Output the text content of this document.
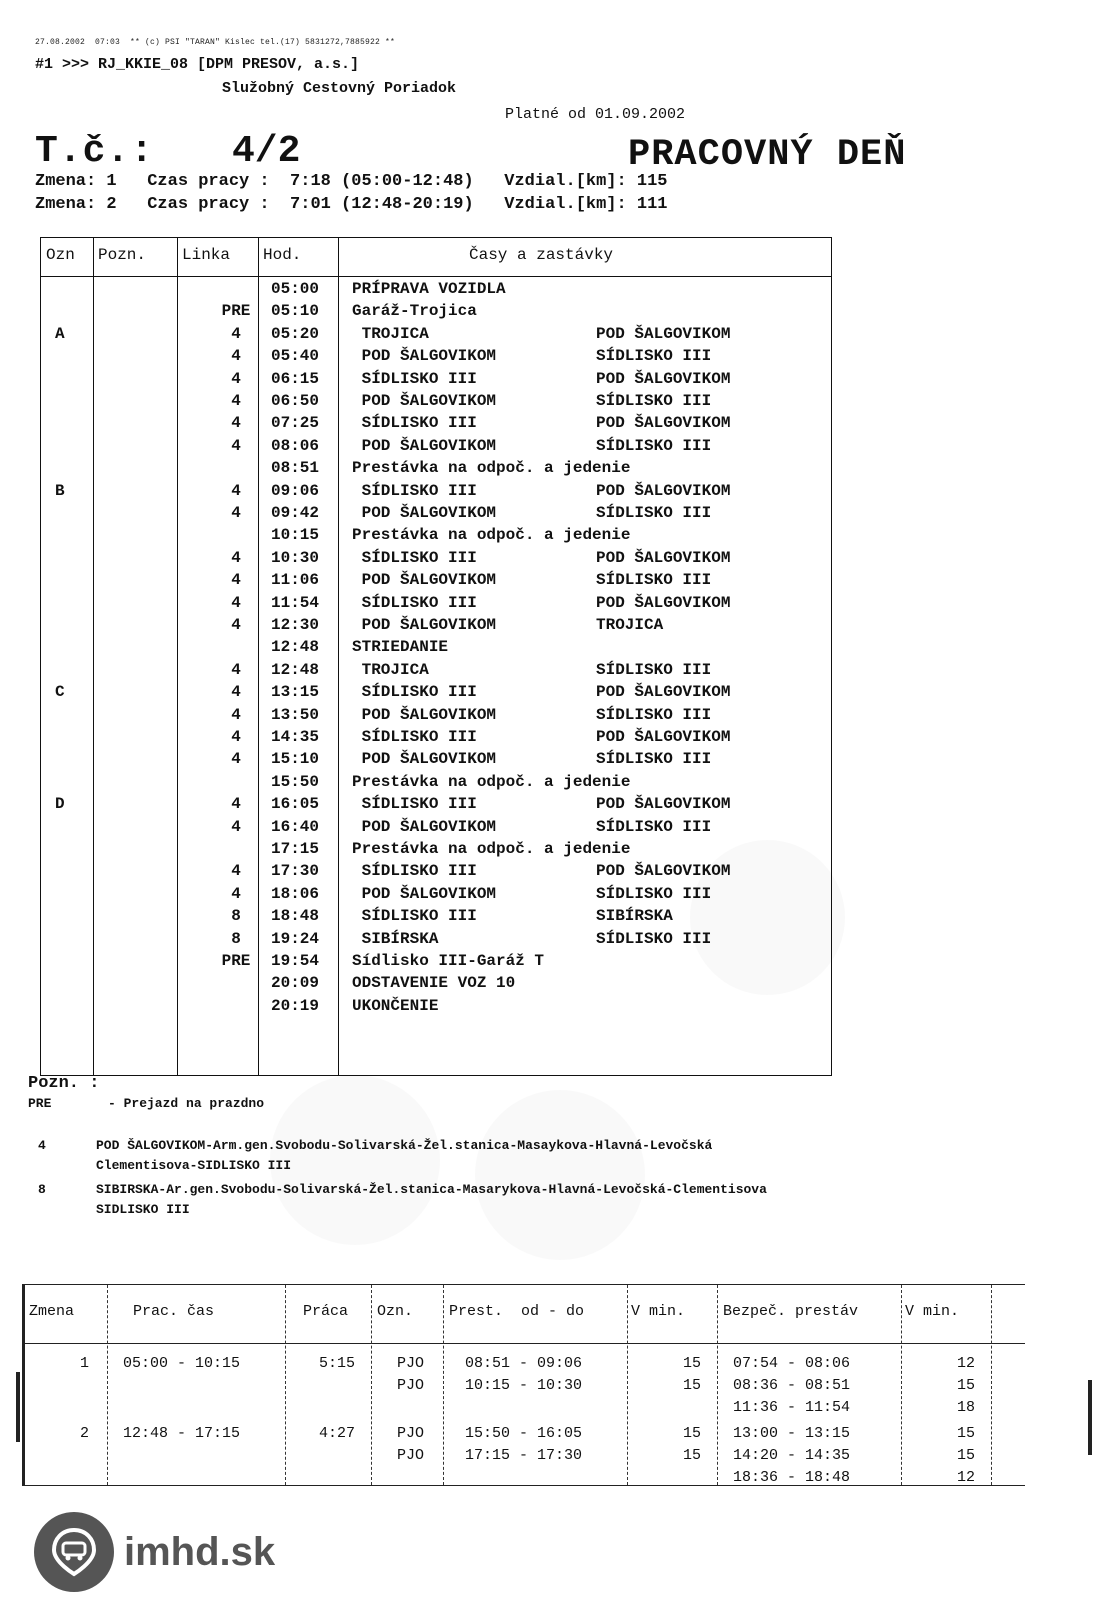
27.08.2002  07:03  ** (c) PSI "TARAN" Kislec tel.(17) 5831272,7885922 **
#1 >>> RJ_KKIE_08 [DPM PRESOV, a.s.]
Služobný Cestovný Poriadok
Platné od 01.09.2002
T.č.: 4/2	PRACOVNÝ DEŇ
Zmena: 1   Czas pracy :  7:18 (05:00-12:48)   Vzdial.[km]: 115
Zmena: 2   Czas pracy :  7:01 (12:48-20:19)   Vzdial.[km]: 111
Ozn Pozn. Linka Hod.	Časy a zastávky
05:00 PRÍPRAVA VOZIDLA
PRE	05:10 Garáž-Trojica
A	4	05:20 TROJICA	POD ŠALGOVIKOM
4	05:40 POD ŠALGOVIKOM	SÍDLISKO III
4	06:15 SÍDLISKO III	POD ŠALGOVIKOM
4	06:50 POD ŠALGOVIKOM	SÍDLISKO III
4	07:25 SÍDLISKO III	POD ŠALGOVIKOM
4	08:06 POD ŠALGOVIKOM	SÍDLISKO III
08:51 Prestávka na odpoč. a jedenie
B	4	09:06 SÍDLISKO III	POD ŠALGOVIKOM
4	09:42 POD ŠALGOVIKOM	SÍDLISKO III
10:15 Prestávka na odpoč. a jedenie
4	10:30 SÍDLISKO III	POD ŠALGOVIKOM
4	11:06 POD ŠALGOVIKOM	SÍDLISKO III
4	11:54 SÍDLISKO III	POD ŠALGOVIKOM
4	12:30 POD ŠALGOVIKOM	TROJICA
12:48 STRIEDANIE
4	12:48 TROJICA	SÍDLISKO III
C	4	13:15 SÍDLISKO III	POD ŠALGOVIKOM
4	13:50 POD ŠALGOVIKOM	SÍDLISKO III
4	14:35 SÍDLISKO III	POD ŠALGOVIKOM
4	15:10 POD ŠALGOVIKOM	SÍDLISKO III
15:50 Prestávka na odpoč. a jedenie
D	4	16:05 SÍDLISKO III	POD ŠALGOVIKOM
4	16:40 POD ŠALGOVIKOM	SÍDLISKO III
17:15 Prestávka na odpoč. a jedenie
4	17:30 SÍDLISKO III	POD ŠALGOVIKOM
4	18:06 POD ŠALGOVIKOM	SÍDLISKO III
8	18:48 SÍDLISKO III	SIBÍRSKA
8	19:24 SIBÍRSKA	SÍDLISKO III
PRE	19:54 Sídlisko III-Garáž T
20:09 ODSTAVENIE VOZ 10
20:19 UKONČENIE
Pozn. :
PRE	- Prejazd na prazdno
4	POD ŠALGOVIKOM-Arm.gen.Svobodu-Solivarská-Žel.stanica-Masaykova-Hlavná-Levočská
Clementisova-SIDLISKO III
8	SIBIRSKA-Ar.gen.Svobodu-Solivarská-Žel.stanica-Masarykova-Hlavná-Levočská-Clementisova
SIDLISKO III
Zmena	Prac. čas	Práca Ozn. Prest.  od - do	V min.	Bezpeč. prestáv	V min.
1 05:00 - 10:15	5:15	PJO	08:51 - 09:06	15 07:54 - 08:06	12
PJO	10:15 - 10:30	15 08:36 - 08:51	15
11:36 - 11:54	18
2 12:48 - 17:15	4:27	PJO	15:50 - 16:05	15 13:00 - 13:15	15
PJO	17:15 - 17:30	15 14:20 - 14:35	15
18:36 - 18:48	12
imhd.sk
